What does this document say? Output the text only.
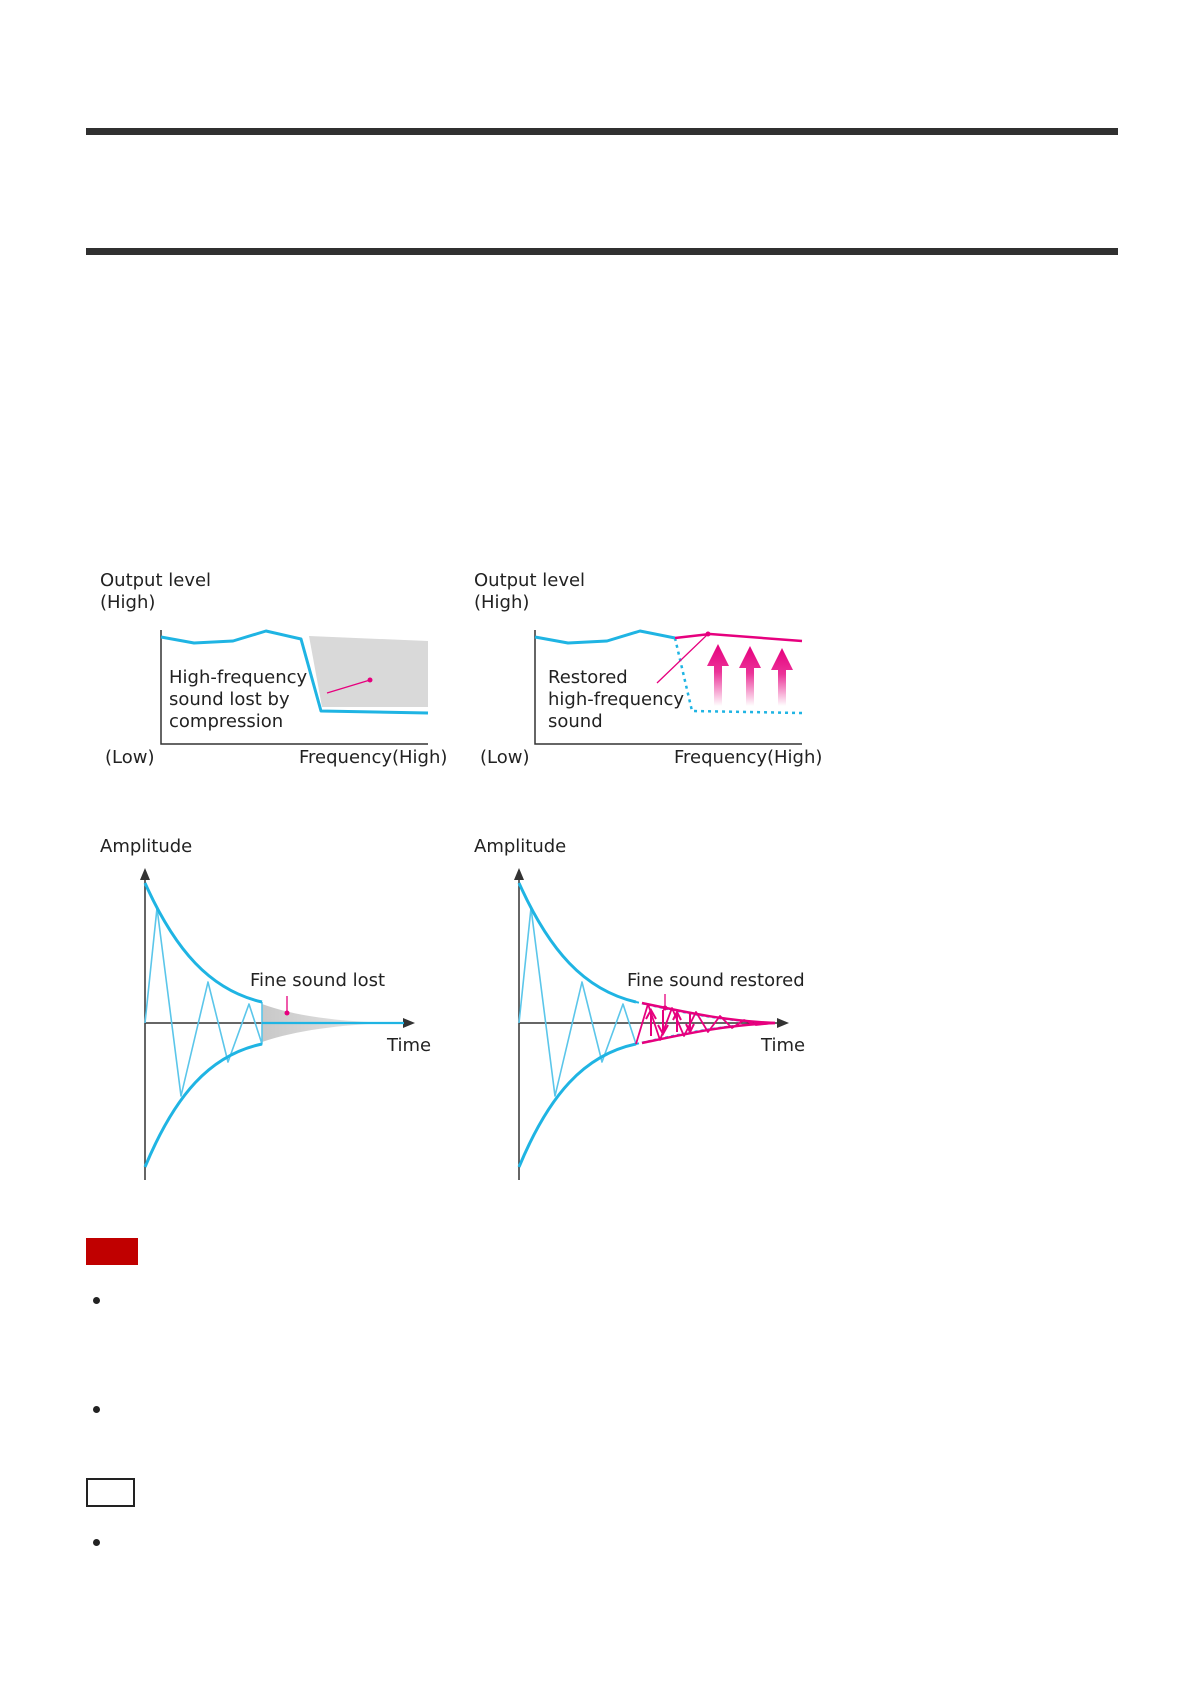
Output level
(High)
High-frequency
sound lost by
compression
(Low)	Frequency(High)
Output level
(High)
Restored
high-frequency
sound
(Low)	Frequency(High)
Amplitude
Fine sound lost
Time
Amplitude
Fine sound restored
Time
